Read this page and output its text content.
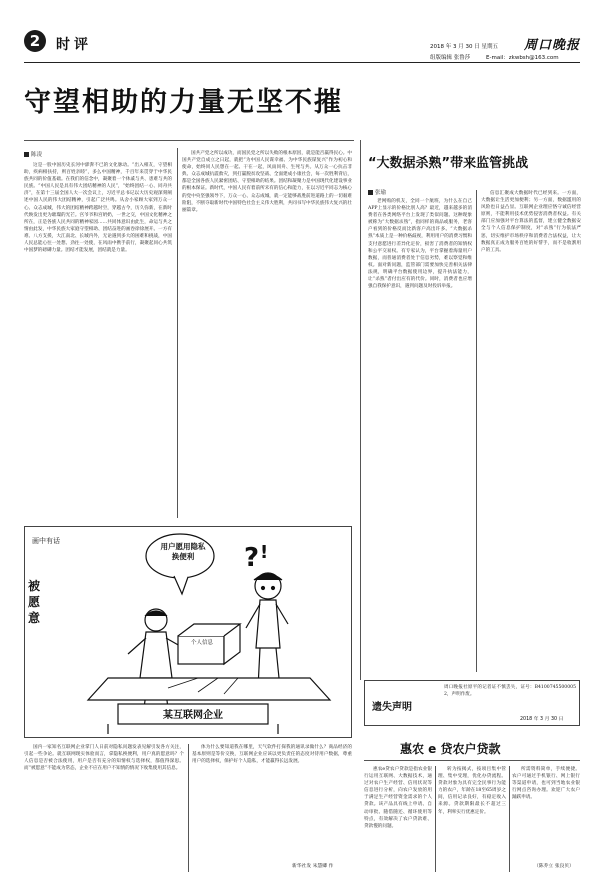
2	时评	2018 年 3 月 30 日 星期五 周口晚报
组版编辑 张鲁莎	E-mail：zkwbsh@163.com
守望相助的力量无坚不摧
陈凌
这是一股中国历史长河中澎湃不已的文化脉动。“出入相友，守望相助，疾病相扶持，则百姓亲睦”，多么中国精神，千百年来贯穿于中华民族共同的价值基础。在我们的信念中，凝聚着一个休戚与共、患难与共的民族。“中国人民是具有伟大团结精神的人民”，“始终团结一心、同舟共济”，在第十三届全国人大一次会议上，习近平总书记以大历史观深刻阐述中国人民的伟大团结精神，引起广泛共鸣。从舍小家顾大家到万众一心、众志成城，伟大的团结精神跨越时空，穿越古今，历久弥新，在新时代焕发出更为璀璨的光芒。宫爷爷和宫奶奶，一世之交，中国文化精神之所在，正是各族人民共同的精神家园……共同体意识由此生，命运与共之情由此发，中华民族大家庭守望相助、团结奋进的画卷徐徐展开。一方有难、八方支援，大江南北、长城内外，无论遇到多大的困难和挑战，中国人民总能心往一处想、劲往一处使，在风雨中携手前行，凝聚起同心共筑中国梦的磅礴力量。团结才能发展，团结就是力量。
国共产党之所以成功，而国民党之所以失败的根本原因，就是能否赢得民心。中国共产党自成立之日起，就把“为中国人民谋幸福、为中华民族谋复兴”作为初心和使命，始终同人民想在一起、干在一起，风雨同舟、生死与共。从万众一心抗击非典、众志成城抗震救灾，到打赢脱贫攻坚战、全面建成小康社会，每一次胜利背后，都是全国各族人民紧密团结、守望相助的结果。团结和凝聚力是中国现代化建设事业的根本保证。新时代，中国人民有着前所未有的信心和能力，在以习近平同志为核心的党中央坚强领导下，万众一心、众志成城，就一定能够战胜前进道路上的一切艰难险阻，不断夺取新时代中国特色社会主义伟大胜利，共同书写中华民族伟大复兴的壮丽篇章。
“大数据杀熟”带来监管挑战
张瑜
老网购的机友，全同一个航班，为什么在自己APP上显示的价格比别人高？最近，越来越多的消费者在各类网络平台上发现了类似问题。这种现象被称为“大数据杀熟”，指同样的商品或服务，老客户看到的价格反而比新客户高出许多。“大数据杀熟”本质上是一种价格歧视，利用用户的消费习惯和支付意愿进行差异化定价，损害了消费者的知情权和公平交易权。有专家认为，平台掌握着海量用户数据，而普通消费者处于信息劣势，难以察觉和维权。面对新问题，监管部门需要加快完善相关法律法规，明确平台数据使用边界，提升执法能力，让“杀熟”者付出应有的代价。同时，消费者也应增强自我保护意识，遇到问题及时投诉举报。
信息汇聚成大数据时代已经到来。一方面，大数据让生活更加便利；另一方面，数据滥用的风险也日益凸显。互联网企业理应恪守诚信经营原则，不能利用技术优势侵害消费者权益。有关部门应加强对平台算法的监督，建立健全数据安全与个人信息保护制度，对“杀熟”行为依法严惩，切实维护市场秩序和消费者合法权益，让大数据真正成为服务百姓的好帮手，而不是收割用户的工具。
画中有话
被愿意
? !
用户愿用隐私换便利
个人信息
某互联网企业
国内一家知名互联网企业掌门人日前对隐私问题发表见解引发各方关注，引起一些争论。就互联网现实体验而言，拿隐私换便利，用户真的愿意吗？个人信息是否被合法使用，用户是否有充分的知情权与选择权，都值得深思。而“被愿意”不能成为常态，企业不应在用户不知情的情况下收集使用其信息。
体为什么要知道我在哪里，天气软件打探我的通讯录做什么？商品经济的基本原则是等价交换，互联网企业应该以更负责任的态度对待用户数据，尊重用户的选择权，保护好个人隐私，才能赢得长远发展。
新华社发 朱慧卿 作
遗失声明
周口晚报社原平的记者证不慎丢失，证号：B41007455000052，声明作废。
2018 年 3 月 30 日
惠农 e 贷农户贷款
惠农e贷农户贷款是指农业银行运用互联网、大数据技术，通过对农户生产经营、信用状况等信息进行分析，向农户发放的用于满足生产经营资金需求的个人贷款。该产品具有线上申请、自动审批、随借随还、循环使用等特点，有效解决了农户贷款难、贷款慢的问题。
转为按揭式，按项目集中管理、集中受理，优化办贷流程。贷款对象为具有完全民事行为能力的农户，年龄在18至65周岁之间，信用记录良好，有稳定收入来源。贷款期限最长不超过三年，利率实行优惠定价。
所需资料简单，手续便捷。农户可通过手机银行、网上银行等渠道申请，也可到当地农业银行网点咨询办理。欢迎广大农户踊跃申请。
（陈乔立 张良贝）
